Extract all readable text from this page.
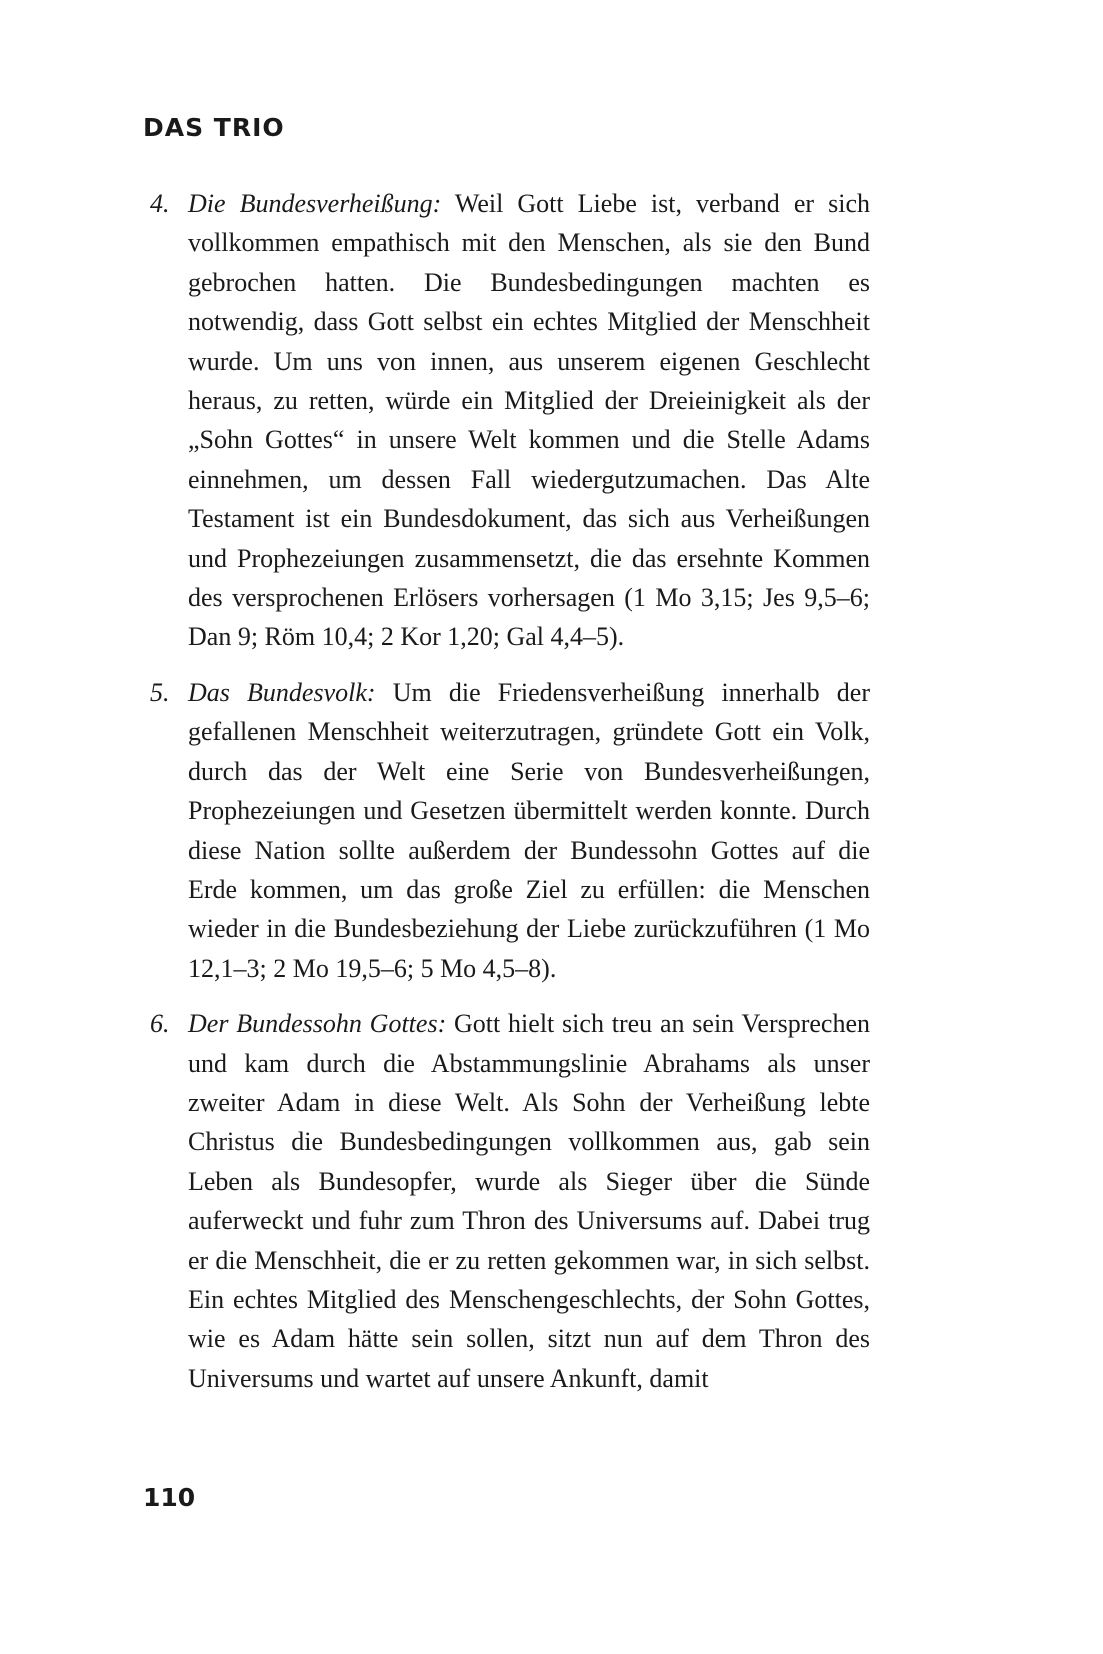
DAS TRIO

4. Die Bundesverheißung: Weil Gott Liebe ist, verband er sich vollkommen empathisch mit den Menschen, als sie den Bund gebrochen hatten. Die Bundesbedingungen machten es notwendig, dass Gott selbst ein echtes Mitglied der Menschheit wurde. Um uns von innen, aus unserem eigenen Geschlecht heraus, zu retten, würde ein Mitglied der Dreieinigkeit als der „Sohn Gottes“ in unsere Welt kommen und die Stelle Adams einnehmen, um dessen Fall wiedergutzumachen. Das Alte Testament ist ein Bundesdokument, das sich aus Verheißungen und Prophezeiungen zusammensetzt, die das ersehnte Kommen des versprochenen Erlösers vorhersagen (1 Mo 3,15; Jes 9,5–6; Dan 9; Röm 10,4; 2 Kor 1,20; Gal 4,4–5).

5. Das Bundesvolk: Um die Friedensverheißung innerhalb der gefallenen Menschheit weiterzutragen, gründete Gott ein Volk, durch das der Welt eine Serie von Bundesverheißungen, Prophezeiungen und Gesetzen übermittelt werden konnte. Durch diese Nation sollte außerdem der Bundessohn Gottes auf die Erde kommen, um das große Ziel zu erfüllen: die Menschen wieder in die Bundesbeziehung der Liebe zurückzuführen (1 Mo 12,1–3; 2 Mo 19,5–6; 5 Mo 4,5–8).

6. Der Bundessohn Gottes: Gott hielt sich treu an sein Versprechen und kam durch die Abstammungslinie Abrahams als unser zweiter Adam in diese Welt. Als Sohn der Verheißung lebte Christus die Bundesbedingungen vollkommen aus, gab sein Leben als Bundesopfer, wurde als Sieger über die Sünde auferweckt und fuhr zum Thron des Universums auf. Dabei trug er die Menschheit, die er zu retten gekommen war, in sich selbst. Ein echtes Mitglied des Menschengeschlechts, der Sohn Gottes, wie es Adam hätte sein sollen, sitzt nun auf dem Thron des Universums und wartet auf unsere Ankunft, damit

110
